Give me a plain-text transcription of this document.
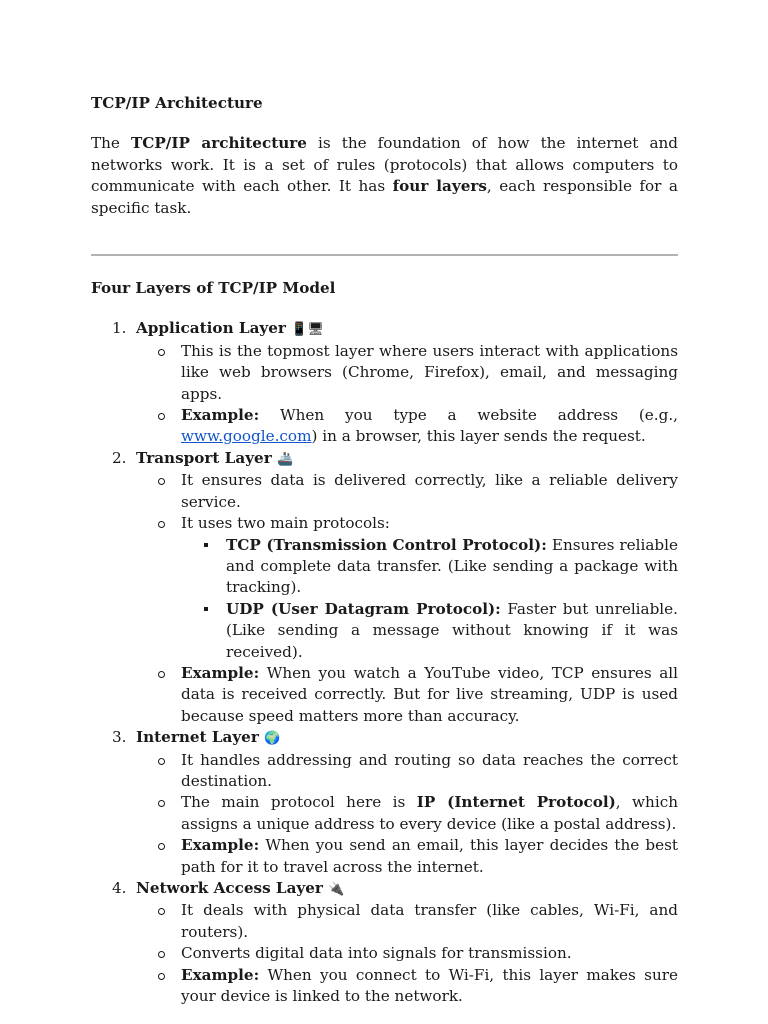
TCP/IP Architecture

The TCP/IP architecture is the foundation of how the internet and networks work. It is a set of rules (protocols) that allows computers to communicate with each other. It has four layers, each responsible for a specific task.

Four Layers of TCP/IP Model

1. Application Layer 📱🖥
This is the topmost layer where users interact with applications like web browsers (Chrome, Firefox), email, and messaging apps.
Example: When you type a website address (e.g., www.google.com) in a browser, this layer sends the request.
2. Transport Layer 🚢
It ensures data is delivered correctly, like a reliable delivery service.
It uses two main protocols:
TCP (Transmission Control Protocol): Ensures reliable and complete data transfer. (Like sending a package with tracking).
UDP (User Datagram Protocol): Faster but unreliable. (Like sending a message without knowing if it was received).
Example: When you watch a YouTube video, TCP ensures all data is received correctly. But for live streaming, UDP is used because speed matters more than accuracy.
3. Internet Layer 🌍
It handles addressing and routing so data reaches the correct destination.
The main protocol here is IP (Internet Protocol), which assigns a unique address to every device (like a postal address).
Example: When you send an email, this layer decides the best path for it to travel across the internet.
4. Network Access Layer 🔌
It deals with physical data transfer (like cables, Wi-Fi, and routers).
Converts digital data into signals for transmission.
Example: When you connect to Wi-Fi, this layer makes sure your device is linked to the network.
